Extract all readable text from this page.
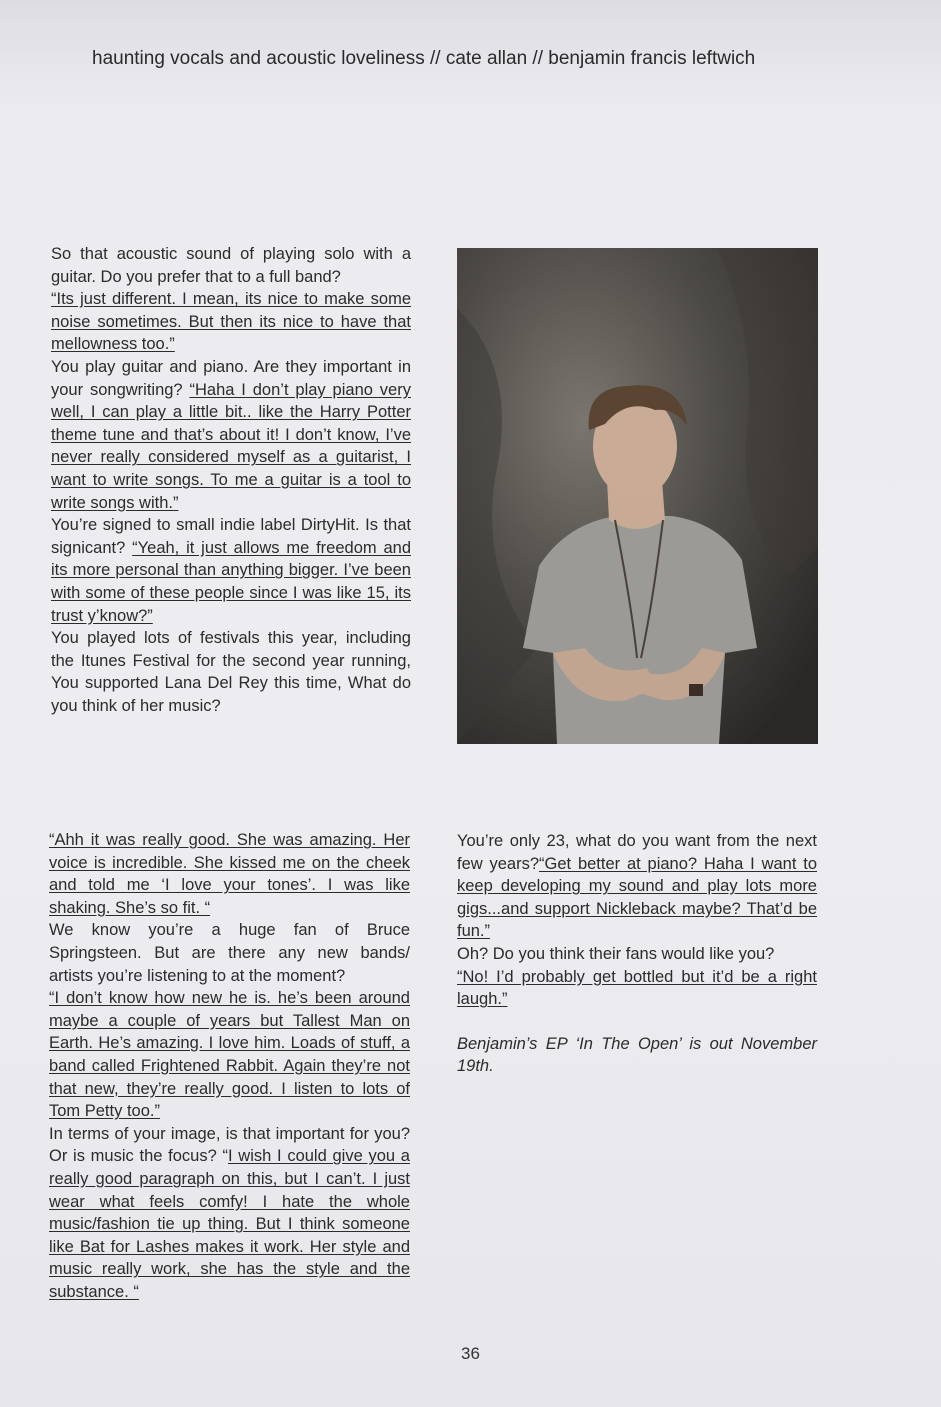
haunting vocals and acoustic loveliness // cate allan // benjamin francis leftwich

So that acoustic sound of playing solo with a guitar. Do you prefer that to a full band?

“Its just different. I mean, its nice to make some noise sometimes. But then its nice to have that mellowness too.”

You play guitar and piano. Are they important in your songwriting? “Haha I don’t play piano very well, I can play a little bit.. like the Harry Potter theme tune and that’s about it! I don’t know, I’ve never really considered myself as a guitarist, I want to write songs. To me a guitar is a tool to write songs with.”

You’re signed to small indie label DirtyHit. Is that signicant? “Yeah, it just allows me freedom and its more personal than anything bigger. I’ve been with some of these people since I was like 15, its trust y’know?”

You played lots of festivals this year, including the Itunes Festival for the second year running, You supported Lana Del Rey this time, What do you think of her music?

“Ahh it was really good. She was amazing. Her voice is incredible. She kissed me on the cheek and told me ‘I love your tones’. I was like shaking. She’s so fit. “

We know you’re a huge fan of Bruce Springsteen. But are there any new bands/ artists you’re listening to at the moment?

“I don’t know how new he is. he’s been around maybe a couple of years but Tallest Man on Earth. He’s amazing. I love him. Loads of stuff, a band called Frightened Rabbit. Again they’re not that new, they’re really good. I listen to lots of Tom Petty too.”

In terms of your image, is that important for you? Or is music the focus? “I wish I could give you a really good paragraph on this, but I can’t. I just wear what feels comfy! I hate the whole music/fashion tie up thing. But I think someone like Bat for Lashes makes it work. Her style and music really work, she has the style and the substance. “

You’re only 23, what do you want from the next few years?“Get better at piano? Haha I want to keep developing my sound and play lots more gigs...and support Nickleback maybe? That’d be fun.”

Oh? Do you think their fans would like you?

“No! I’d probably get bottled but it’d be a right laugh.”

Benjamin’s EP ‘In The Open’ is out November 19th.

36
